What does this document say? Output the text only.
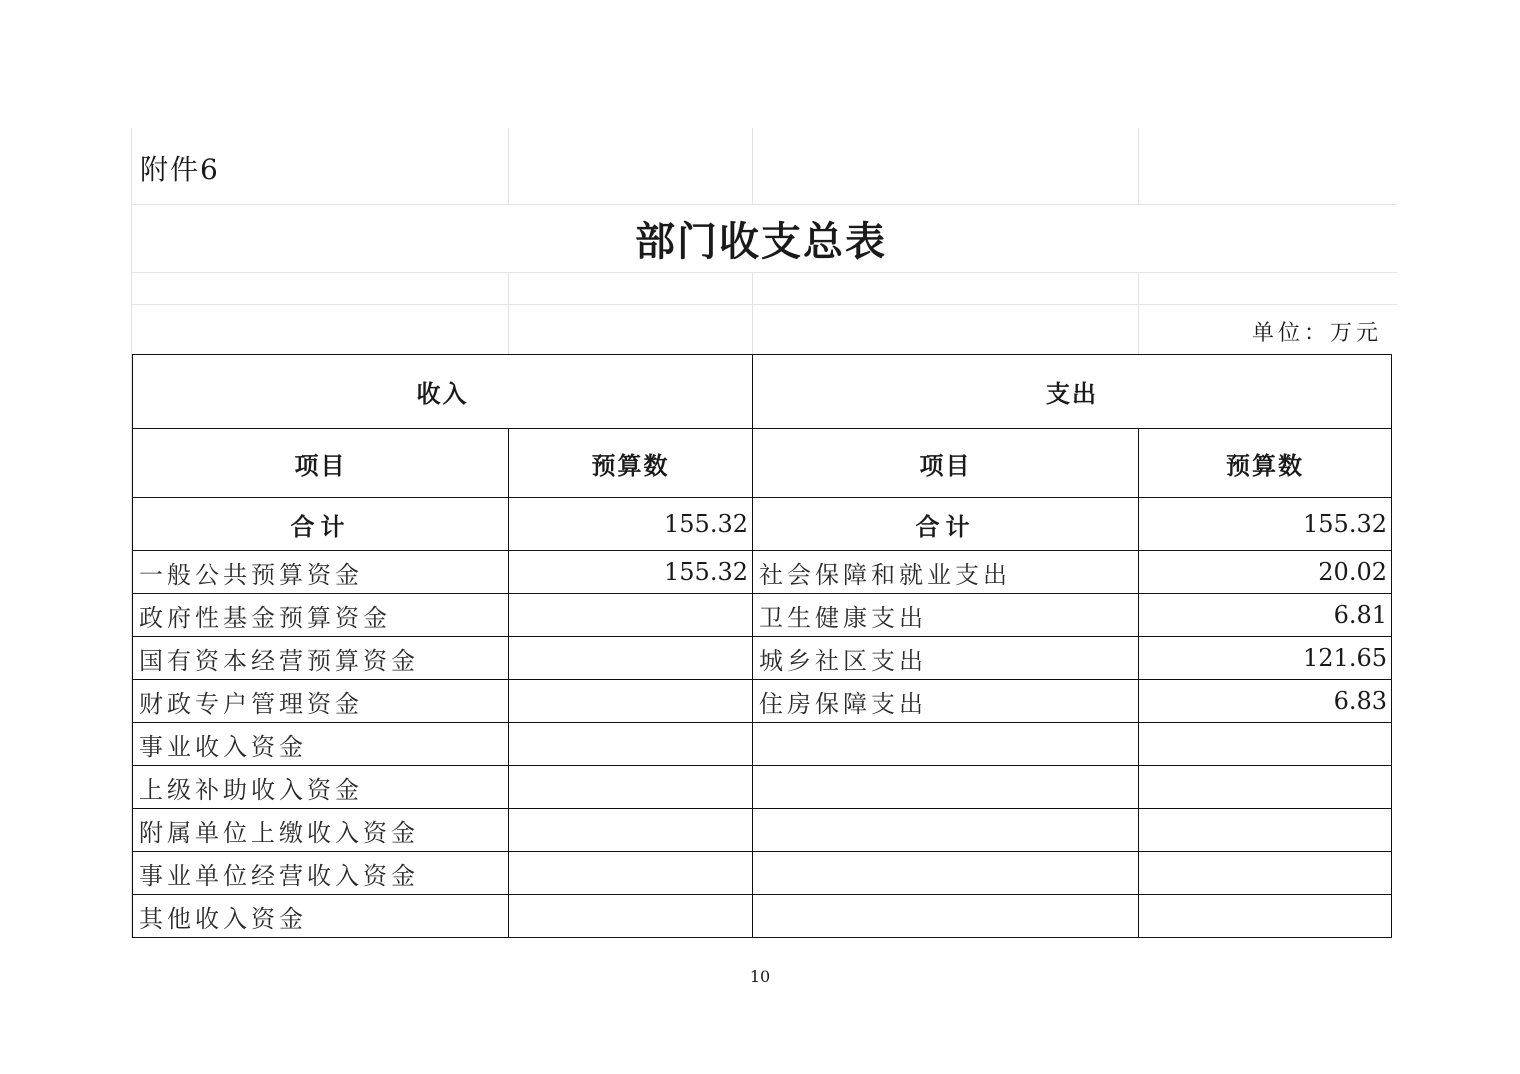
附件6
部门收支总表
单位：万元
收入		支出	
项目	预算数	项目	预算数
合计	155.32	合计	155.32
一般公共预算资金	155.32	社会保障和就业支出	20.02
政府性基金预算资金		卫生健康支出	6.81
国有资本经营预算资金		城乡社区支出	121.65
财政专户管理资金		住房保障支出	6.83
事业收入资金			
上级补助收入资金			
附属单位上缴收入资金			
事业单位经营收入资金			
其他收入资金			
10
